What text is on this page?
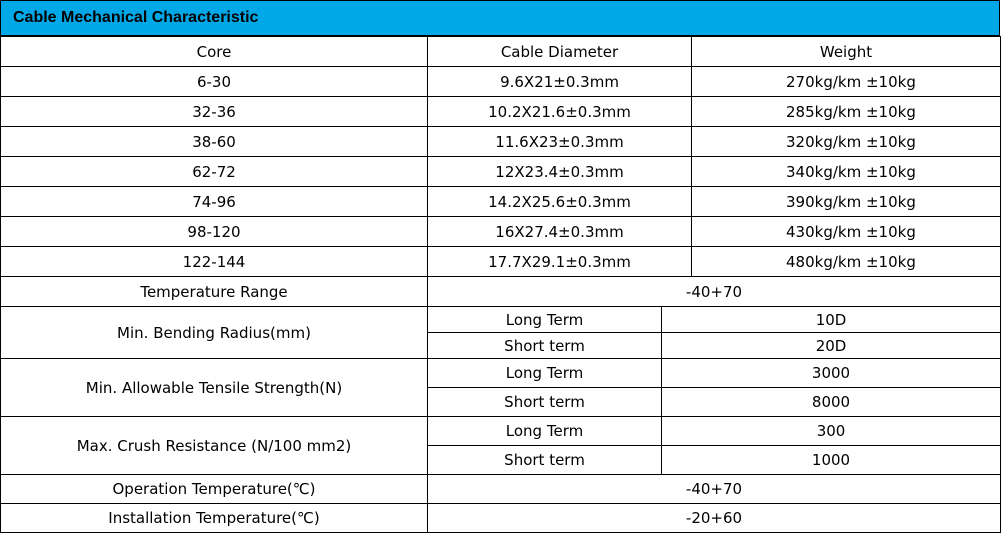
Cable Mechanical Characteristic
Core	Cable Diameter		Weight
6-30	9.6X21±0.3mm		270kg/km ±10kg
32-36	10.2X21.6±0.3mm		285kg/km ±10kg
38-60	11.6X23±0.3mm		320kg/km ±10kg
62-72	12X23.4±0.3mm		340kg/km ±10kg
74-96	14.2X25.6±0.3mm		390kg/km ±10kg
98-120	16X27.4±0.3mm		430kg/km ±10kg
122-144	17.7X29.1±0.3mm		480kg/km ±10kg
Temperature Range	-40+70		
Min. Bending Radius(mm)	Long Term	10D	
	Short term	20D	
Min. Allowable Tensile Strength(N)	Long Term	3000	
	Short term	8000	
Max. Crush Resistance (N/100 mm2)	Long Term	300	
	Short term	1000	
Operation Temperature(℃)	-40+70		
Installation Temperature(℃)	-20+60		
